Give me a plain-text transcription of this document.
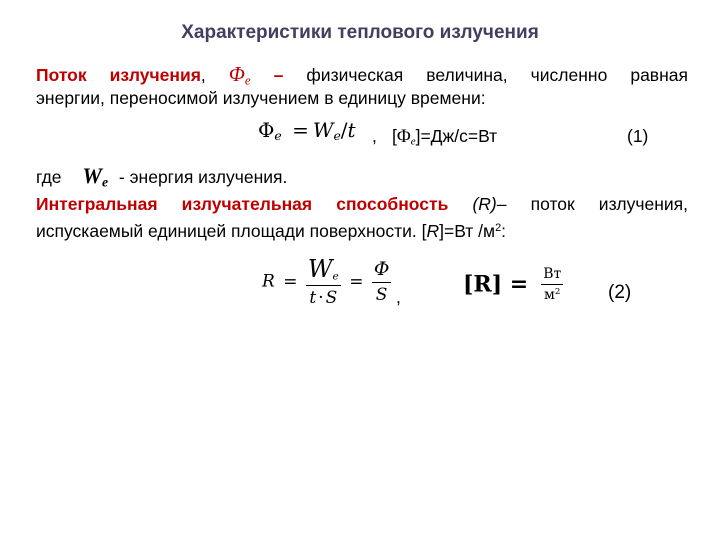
Характеристики теплового излучения
Поток излучения, $\Phi_e$ – физическая величина, численно равная
энергии, переносимой излучением в единицу времени:
$\Phi_e = W_e/t$ , $[\Phi_e]=Дж/с=Вт$	(1)
где $W_e$ - энергия излучения.
Интегральная излучательная способность (R)– поток излучения,
испускаемый единицей площади поверхности. [R]=Вт $/м^2$:
$R = \frac{W_e}{t \cdot S} = \frac{\Phi}{S}$ ,	$[R] = \frac{Вт}{м^2} (2)$
